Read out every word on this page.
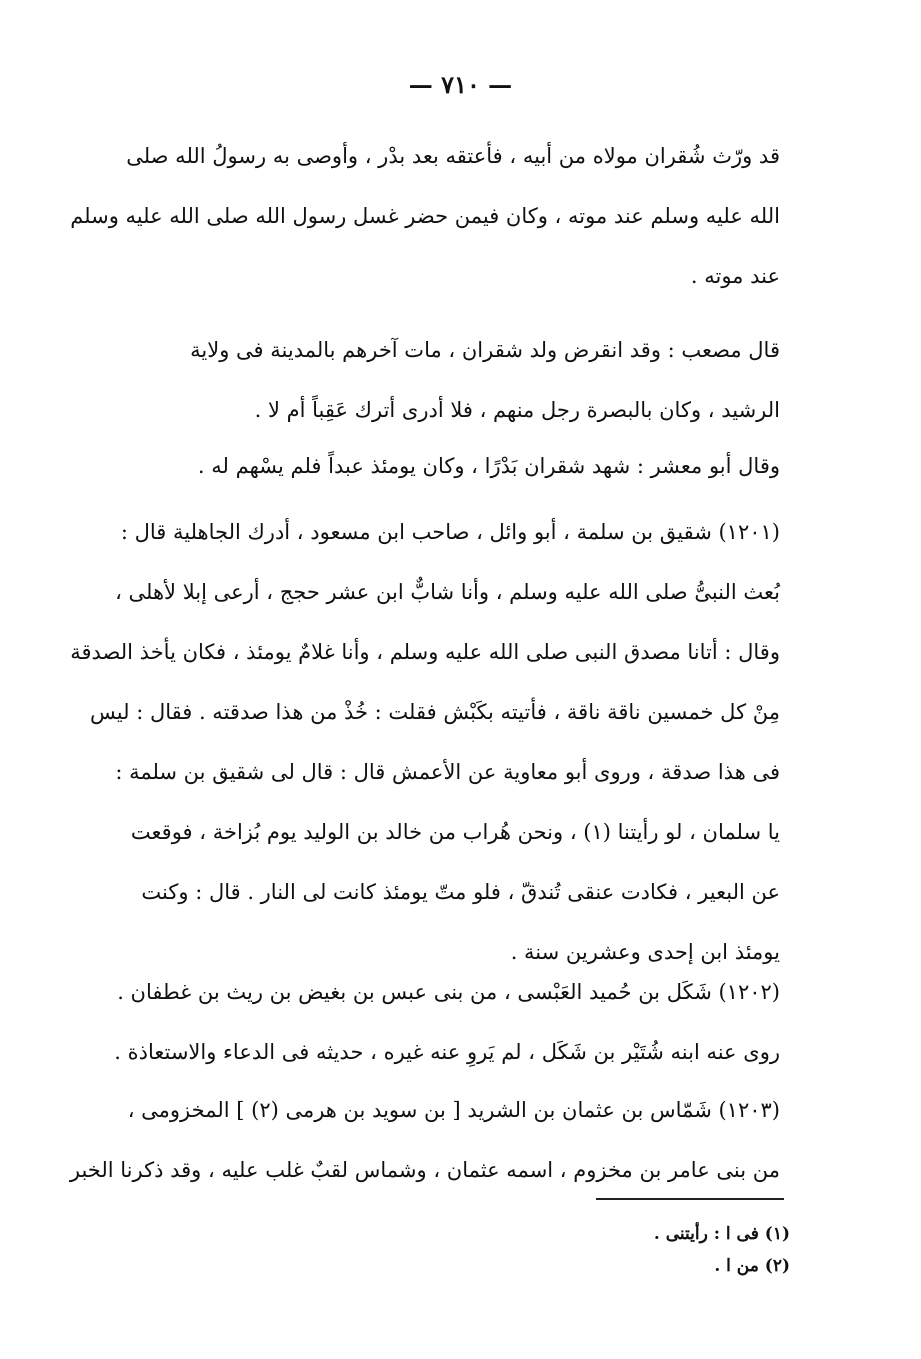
— ٧١٠ —
قد ورّث شُقران مولاه من أبيه ، فأعتقه بعد بدْر ، وأوصى به رسولُ الله صلى
الله عليه وسلم عند موته ، وكان فيمن حضر غسل رسول الله صلى الله عليه وسلم
عند موته .
قال مصعب : وقد انقرض ولد شقران ، مات آخرهم بالمدينة فى ولاية
الرشيد ، وكان بالبصرة رجل منهم ، فلا أدرى أترك عَقِباً أم لا .
وقال أبو معشر : شهد شقران بَدْرًا ، وكان يومئذ عبداً فلم يسْهم له .
(١٢٠١) شقيق بن سلمة ، أبو وائل ، صاحب ابن مسعود ، أدرك الجاهلية قال :
بُعث النبىُّ صلى الله عليه وسلم ، وأنا شابٌّ ابن عشر حجج ، أرعى إبلا لأهلى ،
وقال : أتانا مصدق النبى صلى الله عليه وسلم ، وأنا غلامٌ يومئذ ، فكان يأخذ الصدقة
مِنْ كل خمسين ناقة ناقة ، فأتيته بكَبْش فقلت : خُذْ من هذا صدقته . فقال : ليس
فى هذا صدقة ، وروى أبو معاوية عن الأعمش قال : قال لى شقيق بن سلمة :
يا سلمان ، لو رأيتنا (١) ، ونحن هُراب من خالد بن الوليد يوم بُزاخة ، فوقعت
عن البعير ، فكادت عنقى تُندقّ ، فلو متّ يومئذ كانت لى النار . قال : وكنت
يومئذ ابن إحدى وعشرين سنة .
(١٢٠٢) شَكَل بن حُميد العَبْسى ، من بنى عبس بن بغيض بن ريث بن غطفان .
روى عنه ابنه شُتَيْر بن شَكَل ، لم يَروِ عنه غيره ، حديثه فى الدعاء والاستعاذة .
(١٢٠٣) شَمّاس بن عثمان بن الشريد [ بن سويد بن هرمى (٢) ] المخزومى ،
من بنى عامر بن مخزوم ، اسمه عثمان ، وشماس لقبٌ غلب عليه ، وقد ذكرنا الخبر
(١) فى ا : رأيتنى .
(٢) من ا .
